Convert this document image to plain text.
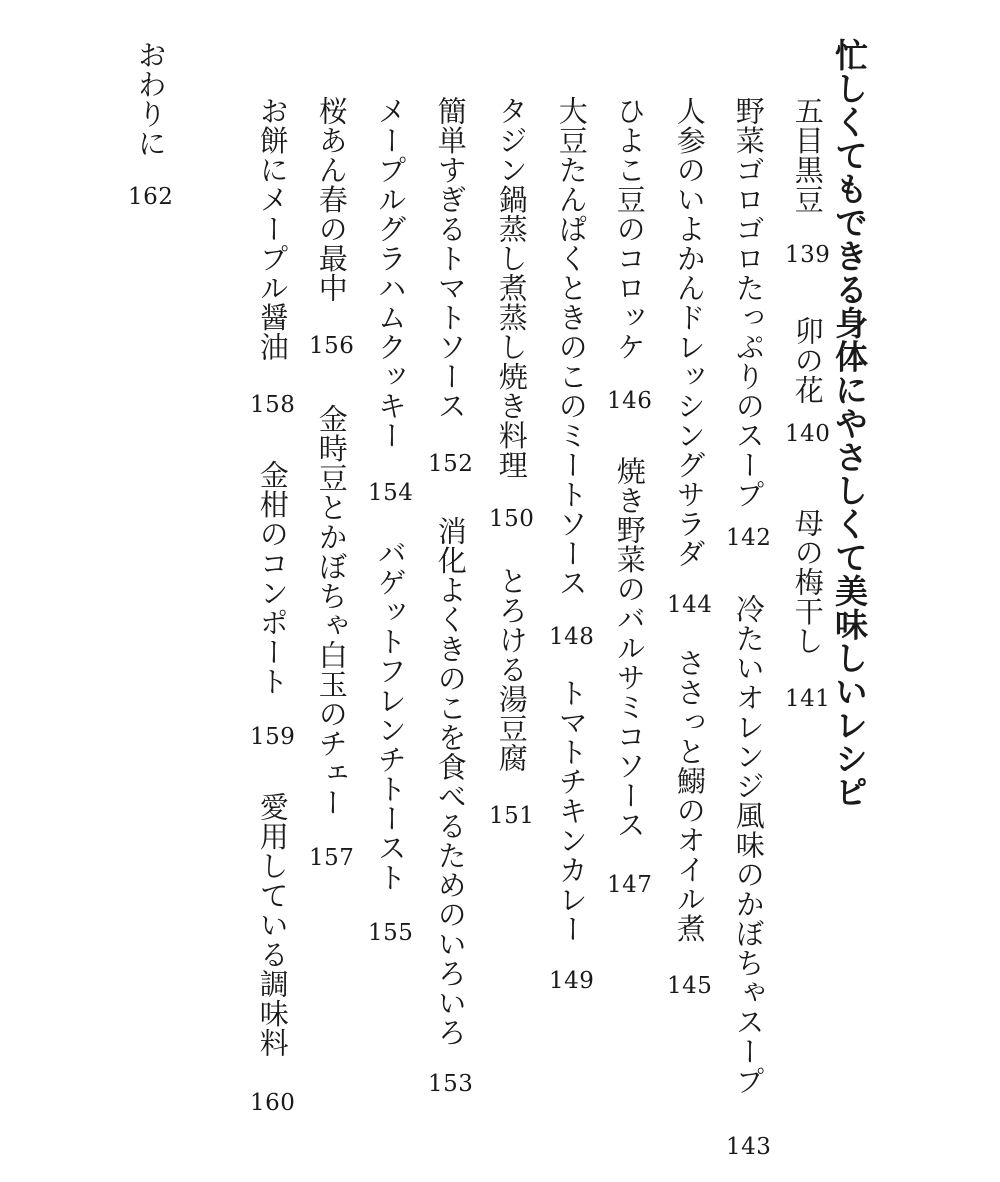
忙しくてもできる身体にやさしくて美味しいレシピ
五目黒豆139
卯の花140
母の梅干し141
野菜ゴロゴロたっぷりのスープ142
冷たいオレンジ風味のかぼちゃスープ143
人参のいよかんドレッシングサラダ144
ささっと鰯のオイル煮145
ひよこ豆のコロッケ146
焼き野菜のバルサミコソース147
大豆たんぱくときのこのミートソース148
トマトチキンカレー149
タジン鍋蒸し煮蒸し焼き料理150
とろける湯豆腐151
簡単すぎるトマトソース152
消化よくきのこを食べるためのいろいろ153
メープルグラハムクッキー154
バゲットフレンチトースト155
桜あん春の最中156
金時豆とかぼちゃ白玉のチェー157
お餅にメープル醤油158
金柑のコンポート159
愛用している調味料160
おわりに162
